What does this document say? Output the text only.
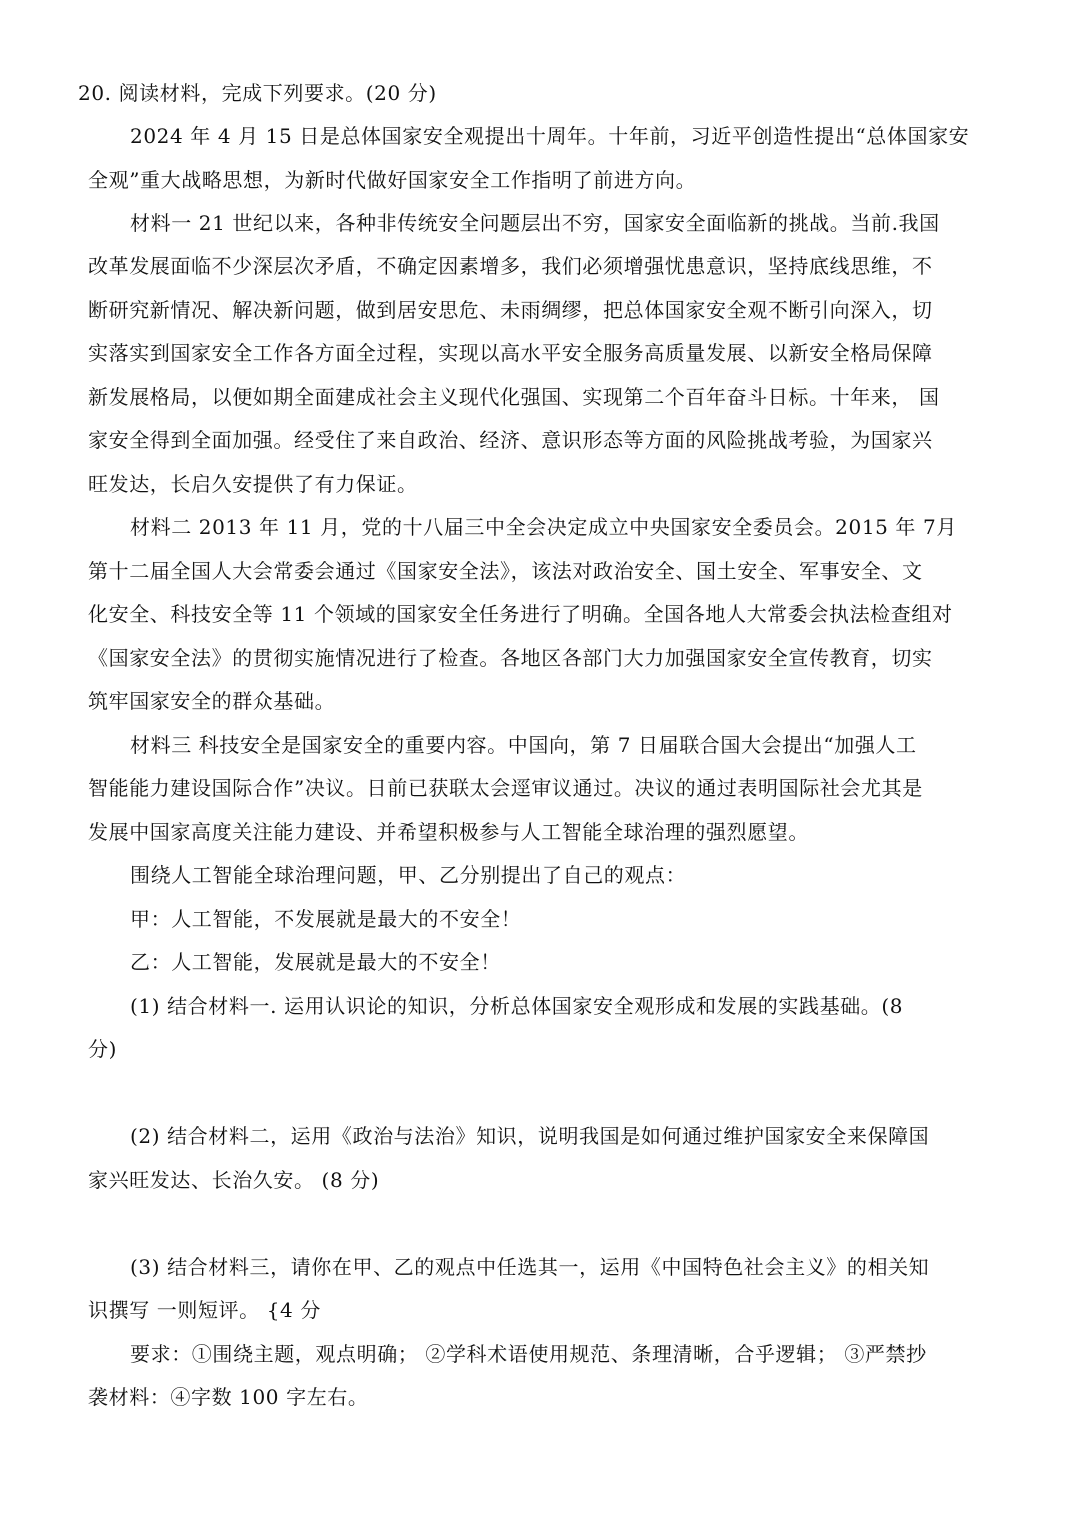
20. 阅读材料，完成下列要求。(20 分)
2024 年 4 月 15 日是总体国家安全观提出十周年。十年前，习近平创造性提出“总体国家安
全观”重大战略思想，为新时代做好国家安全工作指明了前进方向。
材料一 21 世纪以来，各种非传统安全问题层出不穷，国家安全面临新的挑战。当前.我国
改革发展面临不少深层次矛盾，不确定因素增多，我们必须增强忧患意识，坚持底线思维，不
断研究新情况、解决新问题，做到居安思危、未雨绸缪，把总体国家安全观不断引向深入，切
实落实到国家安全工作各方面全过程，实现以高水平安全服务高质量发展、以新安全格局保障
新发展格局，以便如期全面建成社会主义现代化强国、实现第二个百年奋斗日标。十年来， 国
家安全得到全面加强。经受住了来自政治、经济、意识形态等方面的风险挑战考验，为国家兴
旺发达，长启久安提供了有力保证。
材料二 2013 年 11 月，党的十八届三中全会决定成立中央国家安全委员会。2015 年 7月
第十二届全国人大会常委会通过《国家安全法》，该法对政治安全、国土安全、军事安全、文
化安全、科技安全等 11 个领域的国家安全任务进行了明确。全国各地人大常委会执法检查组对
《国家安全法》的贯彻实施情况进行了检查。各地区各部门大力加强国家安全宣传教育，切实
筑牢国家安全的群众基础。
材料三 科技安全是国家安全的重要内容。中国向，第 7 日届联合国大会提出“加强人工
智能能力建设国际合作”决议。日前已获联太会逕审议通过。决议的通过表明国际社会尤其是
发展中国家高度关注能力建设、并希望积极参与人工智能全球治理的强烈愿望。
围绕人工智能全球治理问题，甲、乙分别提出了自己的观点：
甲：人工智能，不发展就是最大的不安全！
乙：人工智能，发展就是最大的不安全！
(1) 结合材料一. 运用认识论的知识，分析总体国家安全观形成和发展的实践基础。(8
分)
(2) 结合材料二，运用《政治与法治》知识，说明我国是如何通过维护国家安全来保障国
家兴旺发达、长治久安。 (8 分)
(3) 结合材料三，请你在甲、乙的观点中任选其一，运用《中国特色社会主义》的相关知
识撰写 一则短评。 {4 分
要求：①围绕主题，观点明确； ②学科术语使用规范、条理清晰，合乎逻辑； ③严禁抄
袭材料：④字数 100 字左右。
